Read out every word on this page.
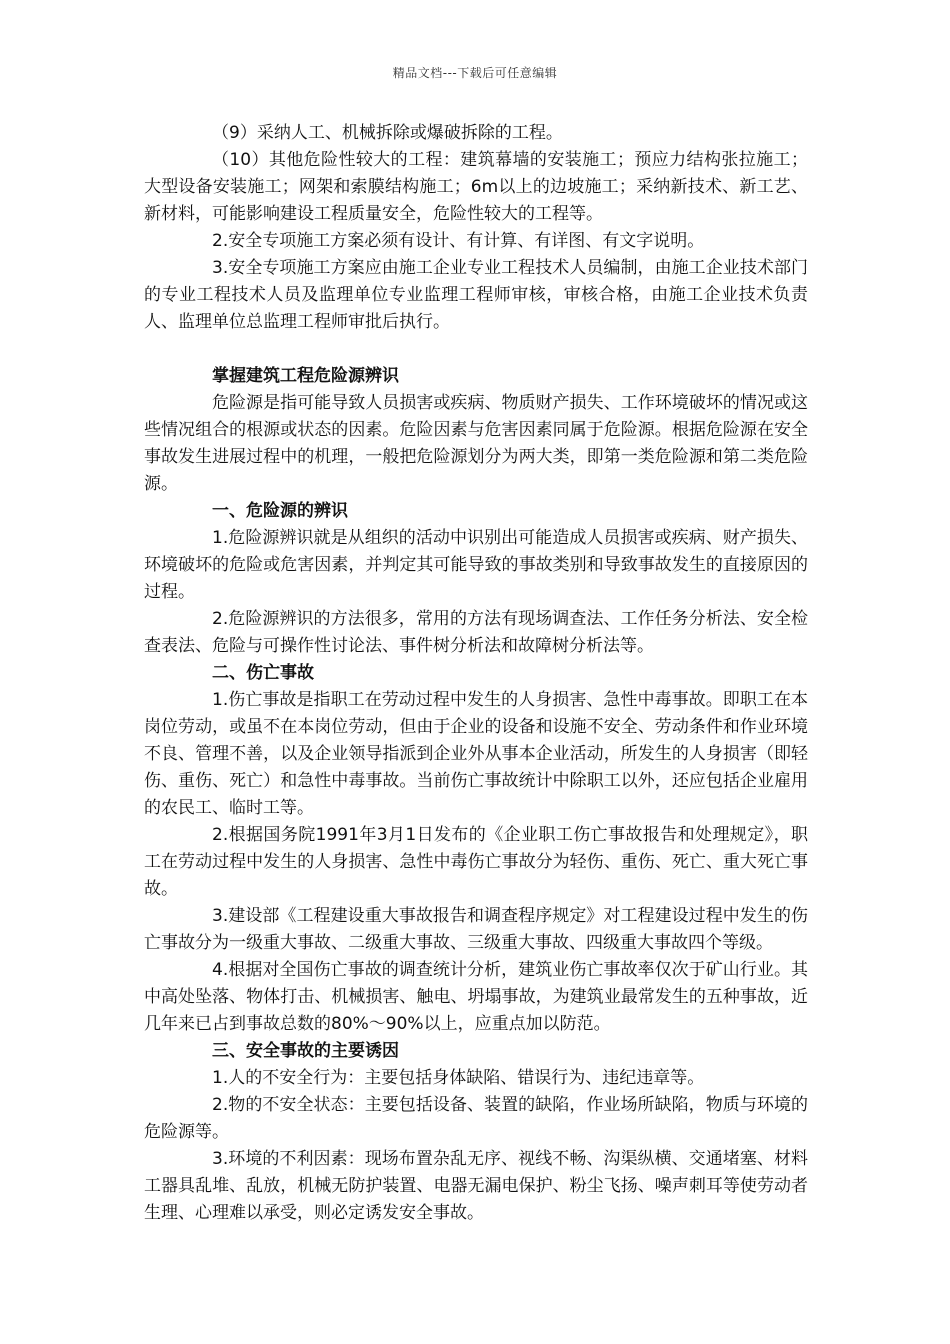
精品文档---下载后可任意编辑

（9）采纳人工、机械拆除或爆破拆除的工程。

（10）其他危险性较大的工程：建筑幕墙的安装施工；预应力结构张拉施工；大型设备安装施工；网架和索膜结构施工；6m以上的边坡施工；采纳新技术、新工艺、新材料，可能影响建设工程质量安全，危险性较大的工程等。

2.安全专项施工方案必须有设计、有计算、有详图、有文字说明。

3.安全专项施工方案应由施工企业专业工程技术人员编制，由施工企业技术部门的专业工程技术人员及监理单位专业监理工程师审核，审核合格，由施工企业技术负责人、监理单位总监理工程师审批后执行。

掌握建筑工程危险源辨识

危险源是指可能导致人员损害或疾病、物质财产损失、工作环境破坏的情况或这些情况组合的根源或状态的因素。危险因素与危害因素同属于危险源。根据危险源在安全事故发生进展过程中的机理，一般把危险源划分为两大类，即第一类危险源和第二类危险源。

一、危险源的辨识

1.危险源辨识就是从组织的活动中识别出可能造成人员损害或疾病、财产损失、环境破坏的危险或危害因素，并判定其可能导致的事故类别和导致事故发生的直接原因的过程。

2.危险源辨识的方法很多，常用的方法有现场调查法、工作任务分析法、安全检查表法、危险与可操作性讨论法、事件树分析法和故障树分析法等。

二、伤亡事故

1.伤亡事故是指职工在劳动过程中发生的人身损害、急性中毒事故。即职工在本岗位劳动，或虽不在本岗位劳动，但由于企业的设备和设施不安全、劳动条件和作业环境不良、管理不善，以及企业领导指派到企业外从事本企业活动，所发生的人身损害（即轻伤、重伤、死亡）和急性中毒事故。当前伤亡事故统计中除职工以外，还应包括企业雇用的农民工、临时工等。

2.根据国务院1991年3月1日发布的《企业职工伤亡事故报告和处理规定》，职工在劳动过程中发生的人身损害、急性中毒伤亡事故分为轻伤、重伤、死亡、重大死亡事故。

3.建设部《工程建设重大事故报告和调查程序规定》对工程建设过程中发生的伤亡事故分为一级重大事故、二级重大事故、三级重大事故、四级重大事故四个等级。

4.根据对全国伤亡事故的调查统计分析，建筑业伤亡事故率仅次于矿山行业。其中高处坠落、物体打击、机械损害、触电、坍塌事故，为建筑业最常发生的五种事故，近几年来已占到事故总数的80%～90%以上，应重点加以防范。

三、安全事故的主要诱因

1.人的不安全行为：主要包括身体缺陷、错误行为、违纪违章等。

2.物的不安全状态：主要包括设备、装置的缺陷，作业场所缺陷，物质与环境的危险源等。

3.环境的不利因素：现场布置杂乱无序、视线不畅、沟渠纵横、交通堵塞、材料工器具乱堆、乱放，机械无防护装置、电器无漏电保护、粉尘飞扬、噪声刺耳等使劳动者生理、心理难以承受，则必定诱发安全事故。
